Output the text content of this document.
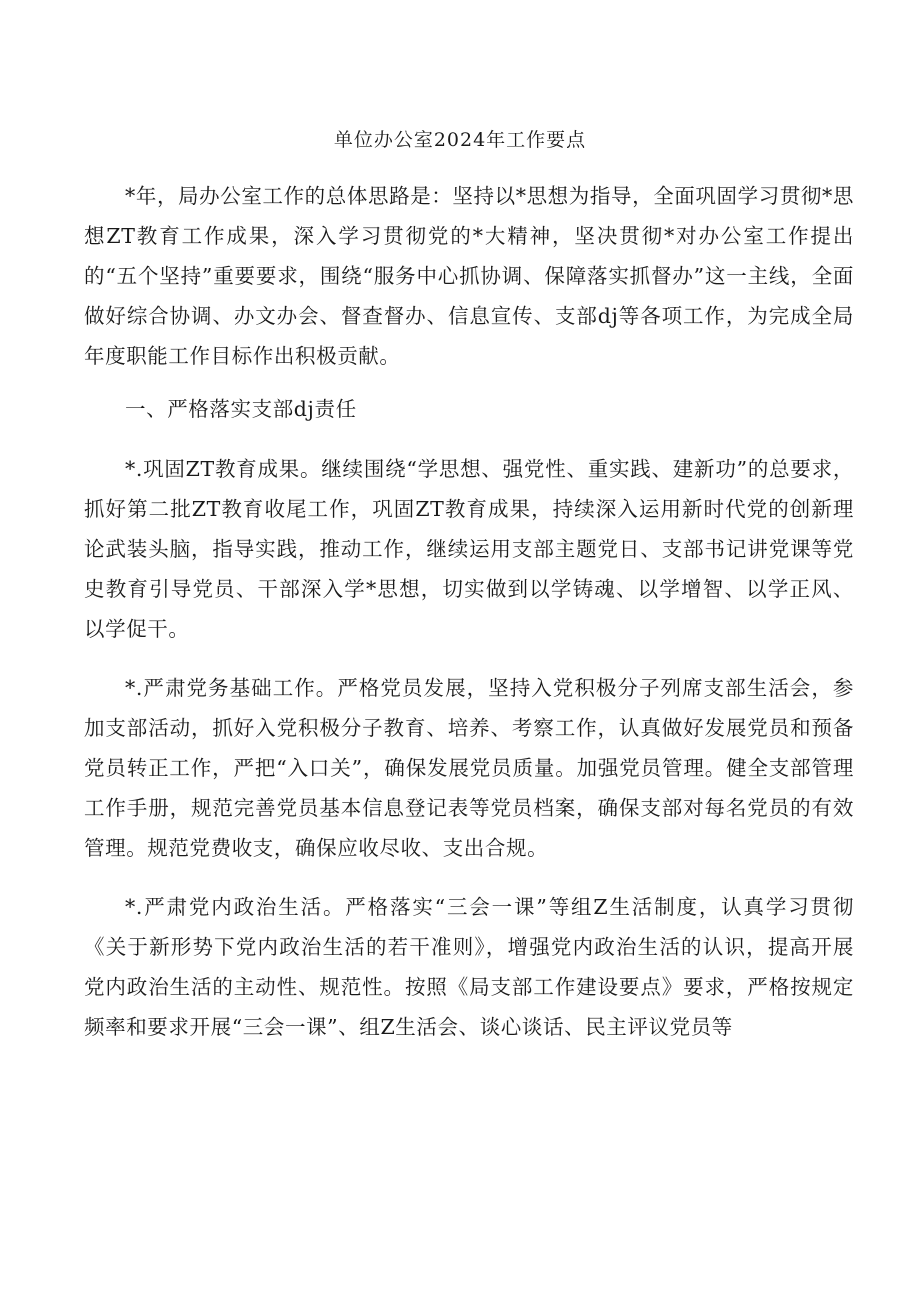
单位办公室2024年工作要点

*年，局办公室工作的总体思路是：坚持以*思想为指导，全面巩固学习贯彻*思想ZT教育工作成果，深入学习贯彻党的*大精神，坚决贯彻*对办公室工作提出的“五个坚持”重要要求，围绕“服务中心抓协调、保障落实抓督办”这一主线，全面做好综合协调、办文办会、督查督办、信息宣传、支部dj等各项工作，为完成全局年度职能工作目标作出积极贡献。

一、严格落实支部dj责任

*.巩固ZT教育成果。继续围绕“学思想、强党性、重实践、建新功”的总要求，抓好第二批ZT教育收尾工作，巩固ZT教育成果，持续深入运用新时代党的创新理论武装头脑，指导实践，推动工作，继续运用支部主题党日、支部书记讲党课等党史教育引导党员、干部深入学*思想，切实做到以学铸魂、以学增智、以学正风、以学促干。

*.严肃党务基础工作。严格党员发展，坚持入党积极分子列席支部生活会，参加支部活动，抓好入党积极分子教育、培养、考察工作，认真做好发展党员和预备党员转正工作，严把“入口关”，确保发展党员质量。加强党员管理。健全支部管理工作手册，规范完善党员基本信息登记表等党员档案，确保支部对每名党员的有效管理。规范党费收支，确保应收尽收、支出合规。

*.严肃党内政治生活。严格落实“三会一课”等组Z生活制度，认真学习贯彻《关于新形势下党内政治生活的若干准则》，增强党内政治生活的认识，提高开展党内政治生活的主动性、规范性。按照《局支部工作建设要点》要求，严格按规定频率和要求开展“三会一课”、组Z生活会、谈心谈话、民主评议党员等
